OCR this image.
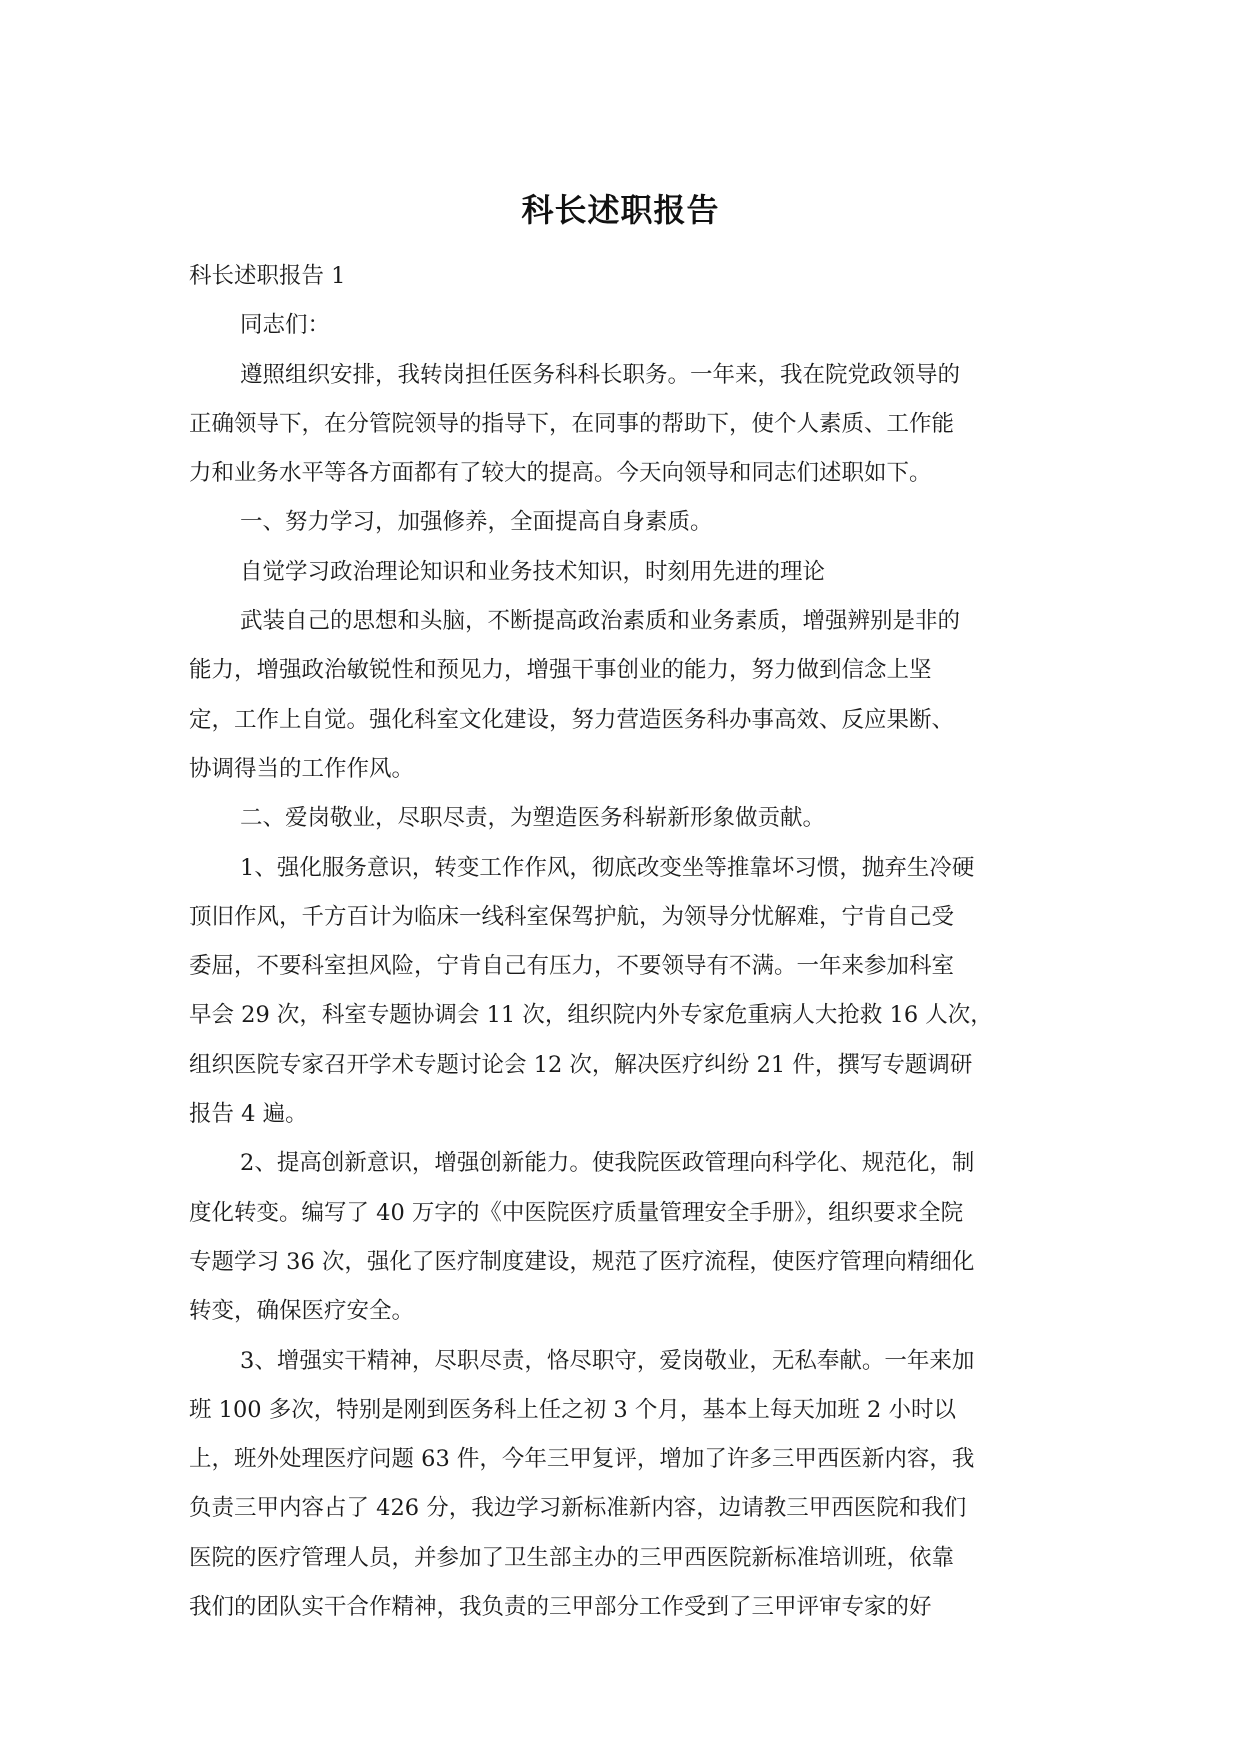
科长述职报告

科长述职报告 1

同志们：

遵照组织安排，我转岗担任医务科科长职务。一年来，我在院党政领导的

正确领导下，在分管院领导的指导下，在同事的帮助下，使个人素质、工作能

力和业务水平等各方面都有了较大的提高。今天向领导和同志们述职如下。

一、努力学习，加强修养，全面提高自身素质。

自觉学习政治理论知识和业务技术知识，时刻用先进的理论

武装自己的思想和头脑，不断提高政治素质和业务素质，增强辨别是非的

能力，增强政治敏锐性和预见力，增强干事创业的能力，努力做到信念上坚

定，工作上自觉。强化科室文化建设，努力营造医务科办事高效、反应果断、

协调得当的工作作风。

二、爱岗敬业，尽职尽责，为塑造医务科崭新形象做贡献。

1、强化服务意识，转变工作作风，彻底改变坐等推靠坏习惯，抛弃生冷硬

顶旧作风，千方百计为临床一线科室保驾护航，为领导分忧解难，宁肯自己受

委屈，不要科室担风险，宁肯自己有压力，不要领导有不满。一年来参加科室

早会 29 次，科室专题协调会 11 次，组织院内外专家危重病人大抢救 16 人次，

组织医院专家召开学术专题讨论会 12 次，解决医疗纠纷 21 件，撰写专题调研

报告 4 遍。

2、提高创新意识，增强创新能力。使我院医政管理向科学化、规范化，制

度化转变。编写了 40 万字的《中医院医疗质量管理安全手册》，组织要求全院

专题学习 36 次，强化了医疗制度建设，规范了医疗流程，使医疗管理向精细化

转变，确保医疗安全。

3、增强实干精神，尽职尽责，恪尽职守，爱岗敬业，无私奉献。一年来加

班 100 多次，特别是刚到医务科上任之初 3 个月，基本上每天加班 2 小时以

上，班外处理医疗问题 63 件，今年三甲复评，增加了许多三甲西医新内容，我

负责三甲内容占了 426 分，我边学习新标准新内容，边请教三甲西医院和我们

医院的医疗管理人员，并参加了卫生部主办的三甲西医院新标准培训班，依靠

我们的团队实干合作精神，我负责的三甲部分工作受到了三甲评审专家的好
